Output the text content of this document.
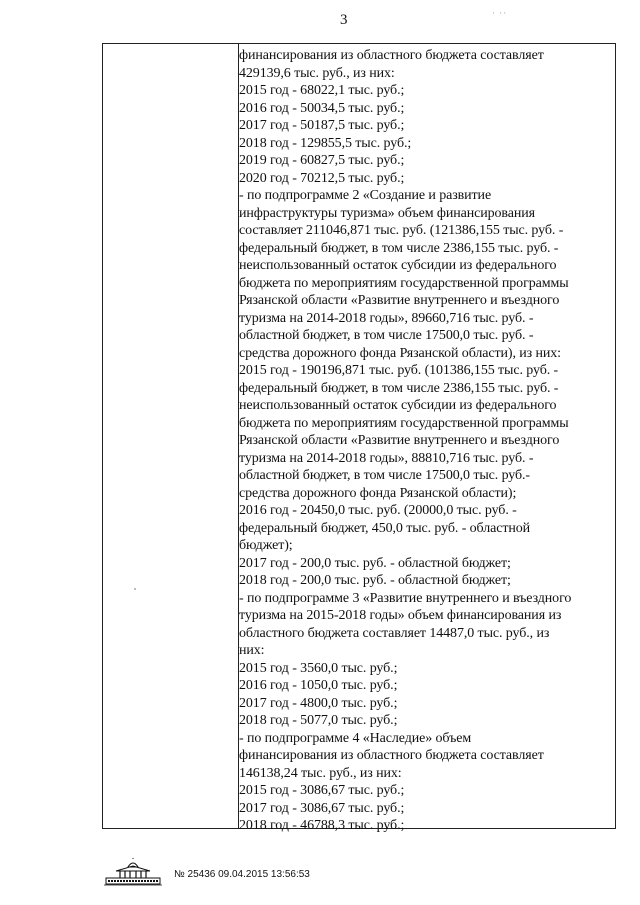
3	· ··
финансирования из областного бюджета составляет
429139,6 тыс. руб., из них:
2015 год - 68022,1 тыс. руб.;
2016 год - 50034,5 тыс. руб.;
2017 год - 50187,5 тыс. руб.;
2018 год - 129855,5 тыс. руб.;
2019 год - 60827,5 тыс. руб.;
2020 год - 70212,5 тыс. руб.;
- по подпрограмме 2 «Создание и развитие
инфраструктуры туризма» объем финансирования
составляет 211046,871 тыс. руб. (121386,155 тыс. руб. -
федеральный бюджет, в том числе 2386,155 тыс. руб. -
неиспользованный остаток субсидии из федерального
бюджета по мероприятиям государственной программы
Рязанской области «Развитие внутреннего и въездного
туризма на 2014-2018 годы», 89660,716 тыс. руб. -
областной бюджет, в том числе 17500,0 тыс. руб. -
средства дорожного фонда Рязанской области), из них:
2015 год - 190196,871 тыс. руб. (101386,155 тыс. руб. -
федеральный бюджет, в том числе 2386,155 тыс. руб. -
неиспользованный остаток субсидии из федерального
бюджета по мероприятиям государственной программы
Рязанской области «Развитие внутреннего и въездного
туризма на 2014-2018 годы», 88810,716 тыс. руб. -
областной бюджет, в том числе 17500,0 тыс. руб.-
средства дорожного фонда Рязанской области);
2016 год - 20450,0 тыс. руб. (20000,0 тыс. руб. -
федеральный бюджет, 450,0 тыс. руб. - областной
бюджет);
2017 год - 200,0 тыс. руб. - областной бюджет;
2018 год - 200,0 тыс. руб. - областной бюджет;
- по подпрограмме 3 «Развитие внутреннего и въездного
туризма на 2015-2018 годы» объем финансирования из
областного бюджета составляет 14487,0 тыс. руб., из
них:
2015 год - 3560,0 тыс. руб.;
2016 год - 1050,0 тыс. руб.;
2017 год - 4800,0 тыс. руб.;
2018 год - 5077,0 тыс. руб.;
- по подпрограмме 4 «Наследие» объем
финансирования из областного бюджета составляет
146138,24 тыс. руб., из них:
2015 год - 3086,67 тыс. руб.;
2017 год - 3086,67 тыс. руб.;
2018 год - 46788,3 тыс. руб.;
№ 25436 09.04.2015 13:56:53
